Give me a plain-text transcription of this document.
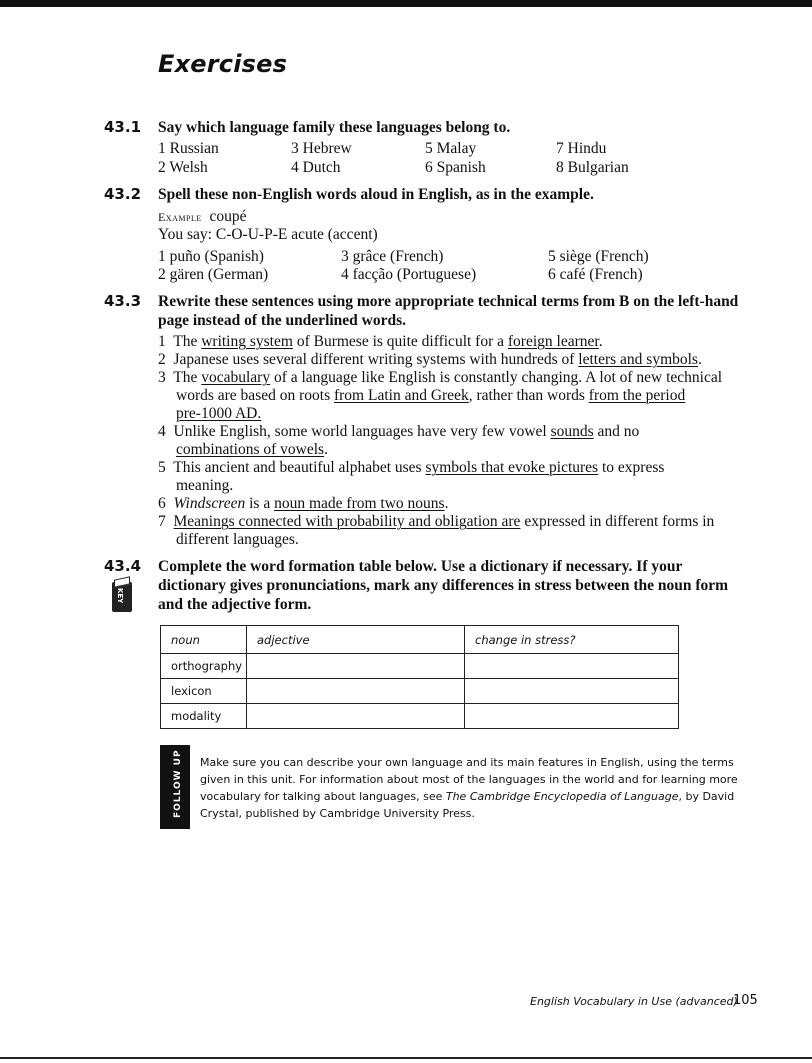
Exercises
43.1 Say which language family these languages belong to.
1 Russian	3 Hebrew	5 Malay	7 Hindu
2 Welsh	4 Dutch	6 Spanish	8 Bulgarian
43.2 Spell these non-English words aloud in English, as in the example.
Example coupé
You say: C-O-U-P-E acute (accent)
1 puño (Spanish)	3 grâce (French)	5 siège (French)
2 gären (German)	4 facção (Portuguese)	6 café (French)
43.3 Rewrite these sentences using more appropriate technical terms from B on the left-hand page instead of the underlined words.
1 The writing system of Burmese is quite difficult for a foreign learner.
2 Japanese uses several different writing systems with hundreds of letters and symbols.
3 The vocabulary of a language like English is constantly changing. A lot of new technical
words are based on roots from Latin and Greek, rather than words from the period
pre-1000 AD.
4 Unlike English, some world languages have very few vowel sounds and no
combinations of vowels.
5 This ancient and beautiful alphabet uses symbols that evoke pictures to express
meaning.
6 Windscreen is a noun made from two nouns.
7 Meanings connected with probability and obligation are expressed in different forms in
different languages.
43.4
KEY
Complete the word formation table below. Use a dictionary if necessary. If your dictionary gives pronunciations, mark any differences in stress between the noun form and the adjective form.
noun	adjective	change in stress?
orthography		
lexicon		
modality		
FOLLOW UP Make sure you can describe your own language and its main features in English, using the terms given in this unit. For information about most of the languages in the world and for learning more vocabulary for talking about languages, see The Cambridge Encyclopedia of Language, by David Crystal, published by Cambridge University Press.
English Vocabulary in Use (advanced)
105
